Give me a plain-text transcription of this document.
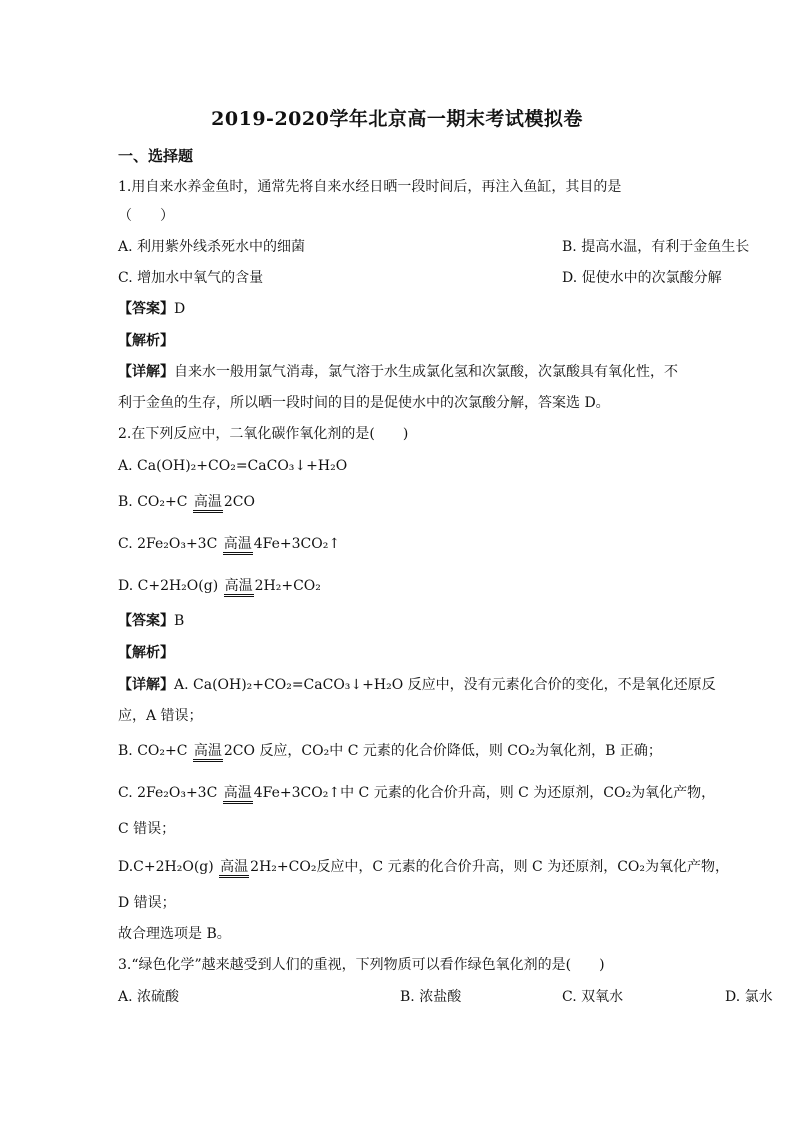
2019-2020学年北京高一期末考试模拟卷
一、选择题
1.用自来水养金鱼时，通常先将自来水经日晒一段时间后，再注入鱼缸，其目的是
（　　）
A. 利用紫外线杀死水中的细菌	B. 提高水温，有利于金鱼生长
C. 增加水中氧气的含量	D. 促使水中的次氯酸分解
【答案】D
【解析】
【详解】自来水一般用氯气消毒，氯气溶于水生成氯化氢和次氯酸，次氯酸具有氧化性，不
利于金鱼的生存，所以晒一段时间的目的是促使水中的次氯酸分解，答案选 D。
2.在下列反应中，二氧化碳作氧化剂的是(　　)
A. Ca(OH)₂+CO₂=CaCO₃↓+H₂O
B. CO₂+C 高温 2CO
C. 2Fe₂O₃+3C 高温 4Fe+3CO₂↑
D. C+2H₂O(g) 高温 2H₂+CO₂
【答案】B
【解析】
【详解】A. Ca(OH)₂+CO₂=CaCO₃↓+H₂O 反应中，没有元素化合价的变化，不是氧化还原反
应，A 错误；
B. CO₂+C 高温 2CO 反应，CO₂中 C 元素的化合价降低，则 CO₂为氧化剂，B 正确；
C. 2Fe₂O₃+3C 高温 4Fe+3CO₂↑中 C 元素的化合价升高，则 C 为还原剂，CO₂为氧化产物，
C 错误；
D.C+2H₂O(g) 高温 2H₂+CO₂反应中，C 元素的化合价升高，则 C 为还原剂，CO₂为氧化产物，
D 错误；
故合理选项是 B。
3.“绿色化学”越来越受到人们的重视，下列物质可以看作绿色氧化剂的是(　　)
A. 浓硫酸	B. 浓盐酸	C. 双氧水	D. 氯水
